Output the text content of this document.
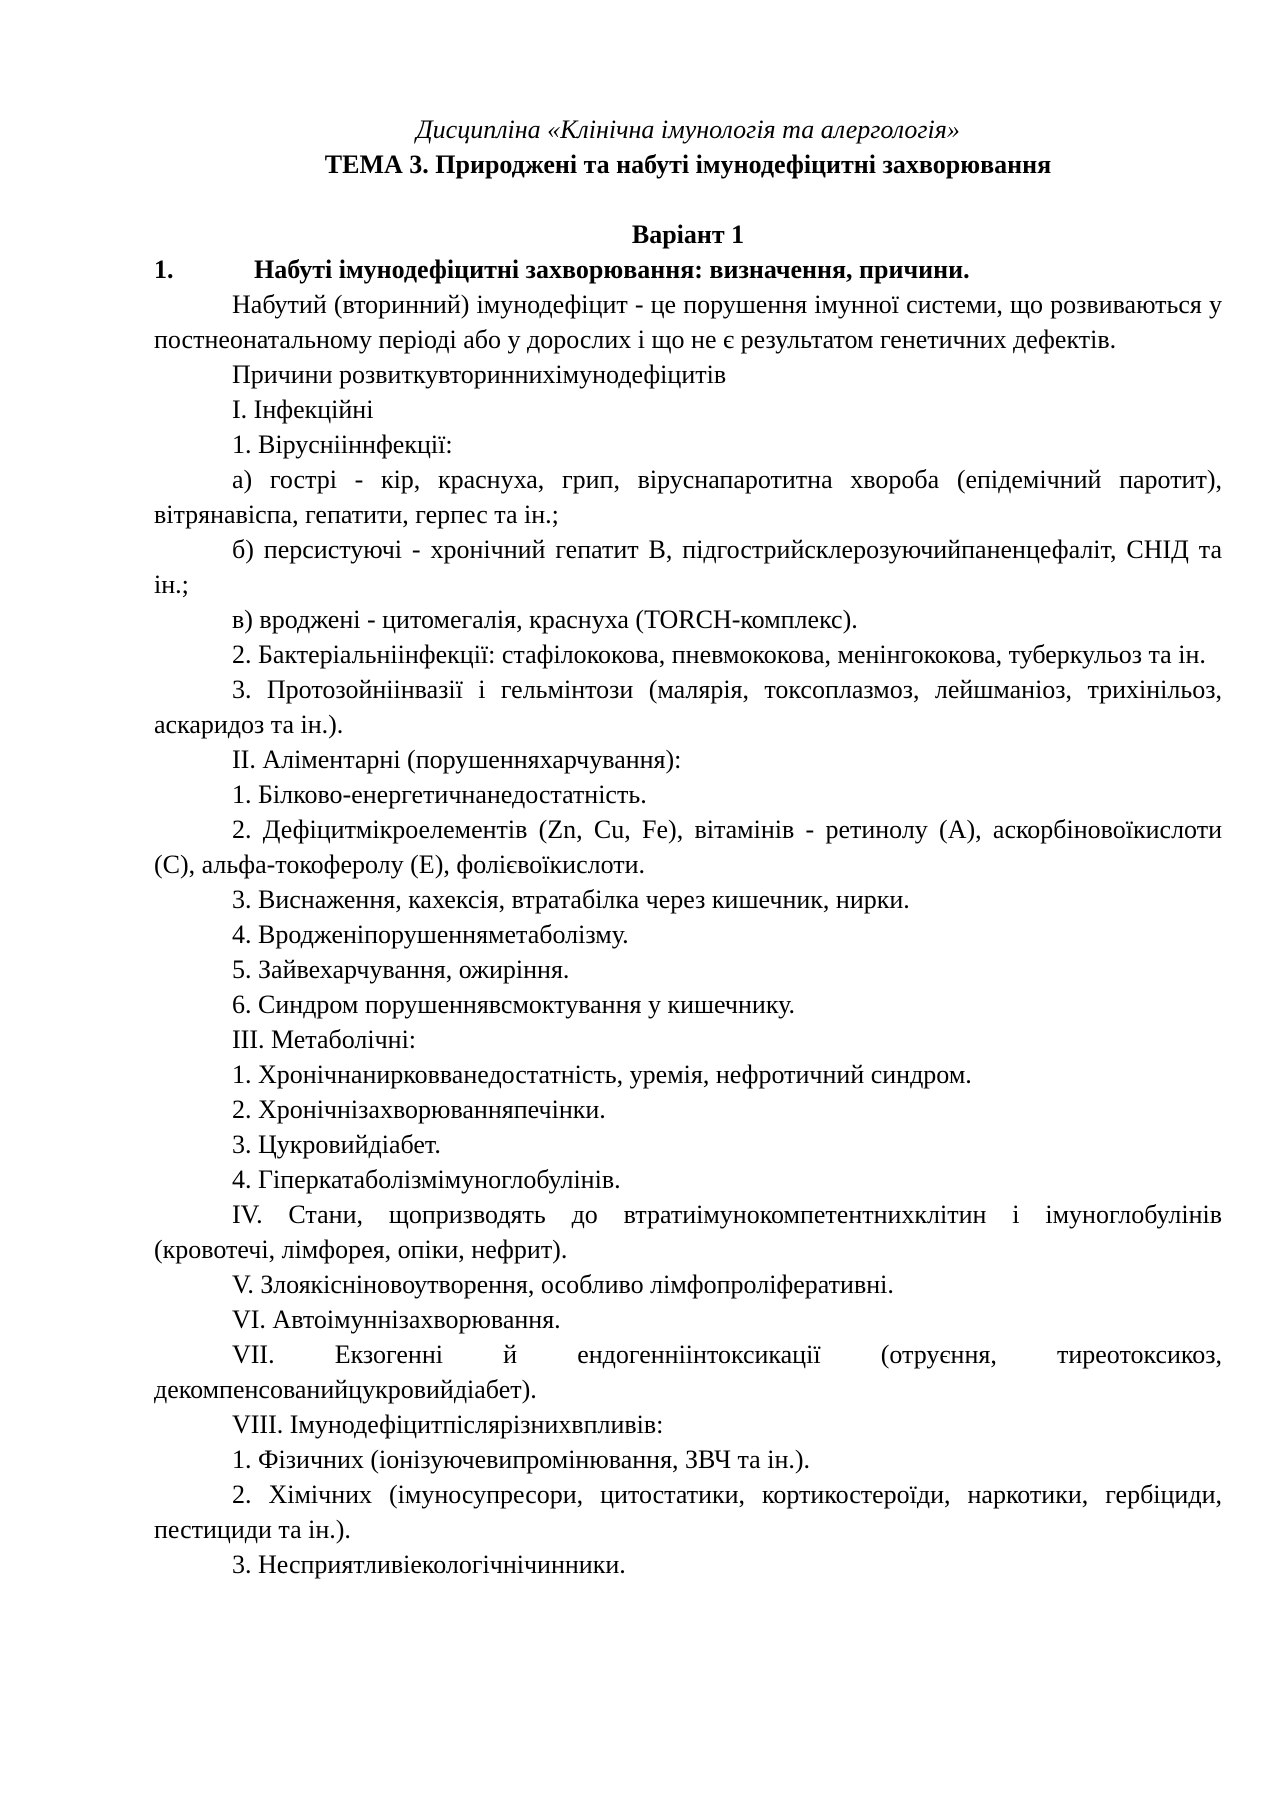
Дисципліна «Клінічна імунологія та алергологія»
ТЕМА 3. Природжені та набуті імунодефіцитні захворювання
Варіант 1
1.	Набуті імунодефіцитні захворювання: визначення, причини.

Набутий (вторинний) імунодефіцит - це порушення імунної системи, що розвиваються у постнеонатальному періоді або у дорослих і що не є результатом генетичних дефектів.

Причини розвиткувториннихімунодефіцитів

I. Інфекційні

1. Віруснііннфекції:

а) гострі - кір, краснуха, грип, віруснапаротитна хвороба (епідемічний паротит), вітрянавіспа, гепатити, герпес та ін.;

б) персистуючі - хронічний гепатит В, підгострийсклерозуючийпаненцефаліт, СНІД та ін.;

в) вроджені - цитомегалія, краснуха (TORCH-комплекс).

2. Бактеріальніінфекції: стафілококова, пневмококова, менінгококова, туберкульоз та ін.

3. Протозойніінвазії і гельмінтози (малярія, токсоплазмоз, лейшманіоз, трихінільоз, аскаридоз та ін.).

II. Аліментарні (порушенняхарчування):

1. Білково-енергетичнанедостатність.

2. Дефіцитмікроелементів (Zn, Cu, Fe), вітамінів - ретинолу (А), аскорбіновоїкислоти (С), альфа-токоферолу (Е), фолієвоїкислоти.

3. Виснаження, кахексія, втратабілка через кишечник, нирки.

4. Вродженіпорушенняметаболізму.

5. Зайвехарчування, ожиріння.

6. Синдром порушеннявсмоктування у кишечнику.

III. Метаболічні:

1. Хронічнанирковванедостатність, уремія, нефротичний синдром.

2. Хронічнізахворюванняпечінки.

3. Цукровийдіабет.

4. Гіперкатаболізмімуноглобулінів.

IV. Стани, щопризводять до втратиімунокомпетентнихклітин і імуноглобулінів (кровотечі, лімфорея, опіки, нефрит).

V. Злоякісніновоутворення, особливо лімфопроліферативні.

VI. Автоімуннізахворювання.

VII. Екзогенні й ендогенніінтоксикації (отруєння, тиреотоксикоз, декомпенсованийцукровийдіабет).

VIII. Імунодефіцитпіслярізнихвпливів:

1. Фізичних (іонізуючевипромінювання, ЗВЧ та ін.).

2. Хімічних (імуносупресори, цитостатики, кортикостероїди, наркотики, гербіциди, пестициди та ін.).

3. Несприятливіекологічнічинники.
